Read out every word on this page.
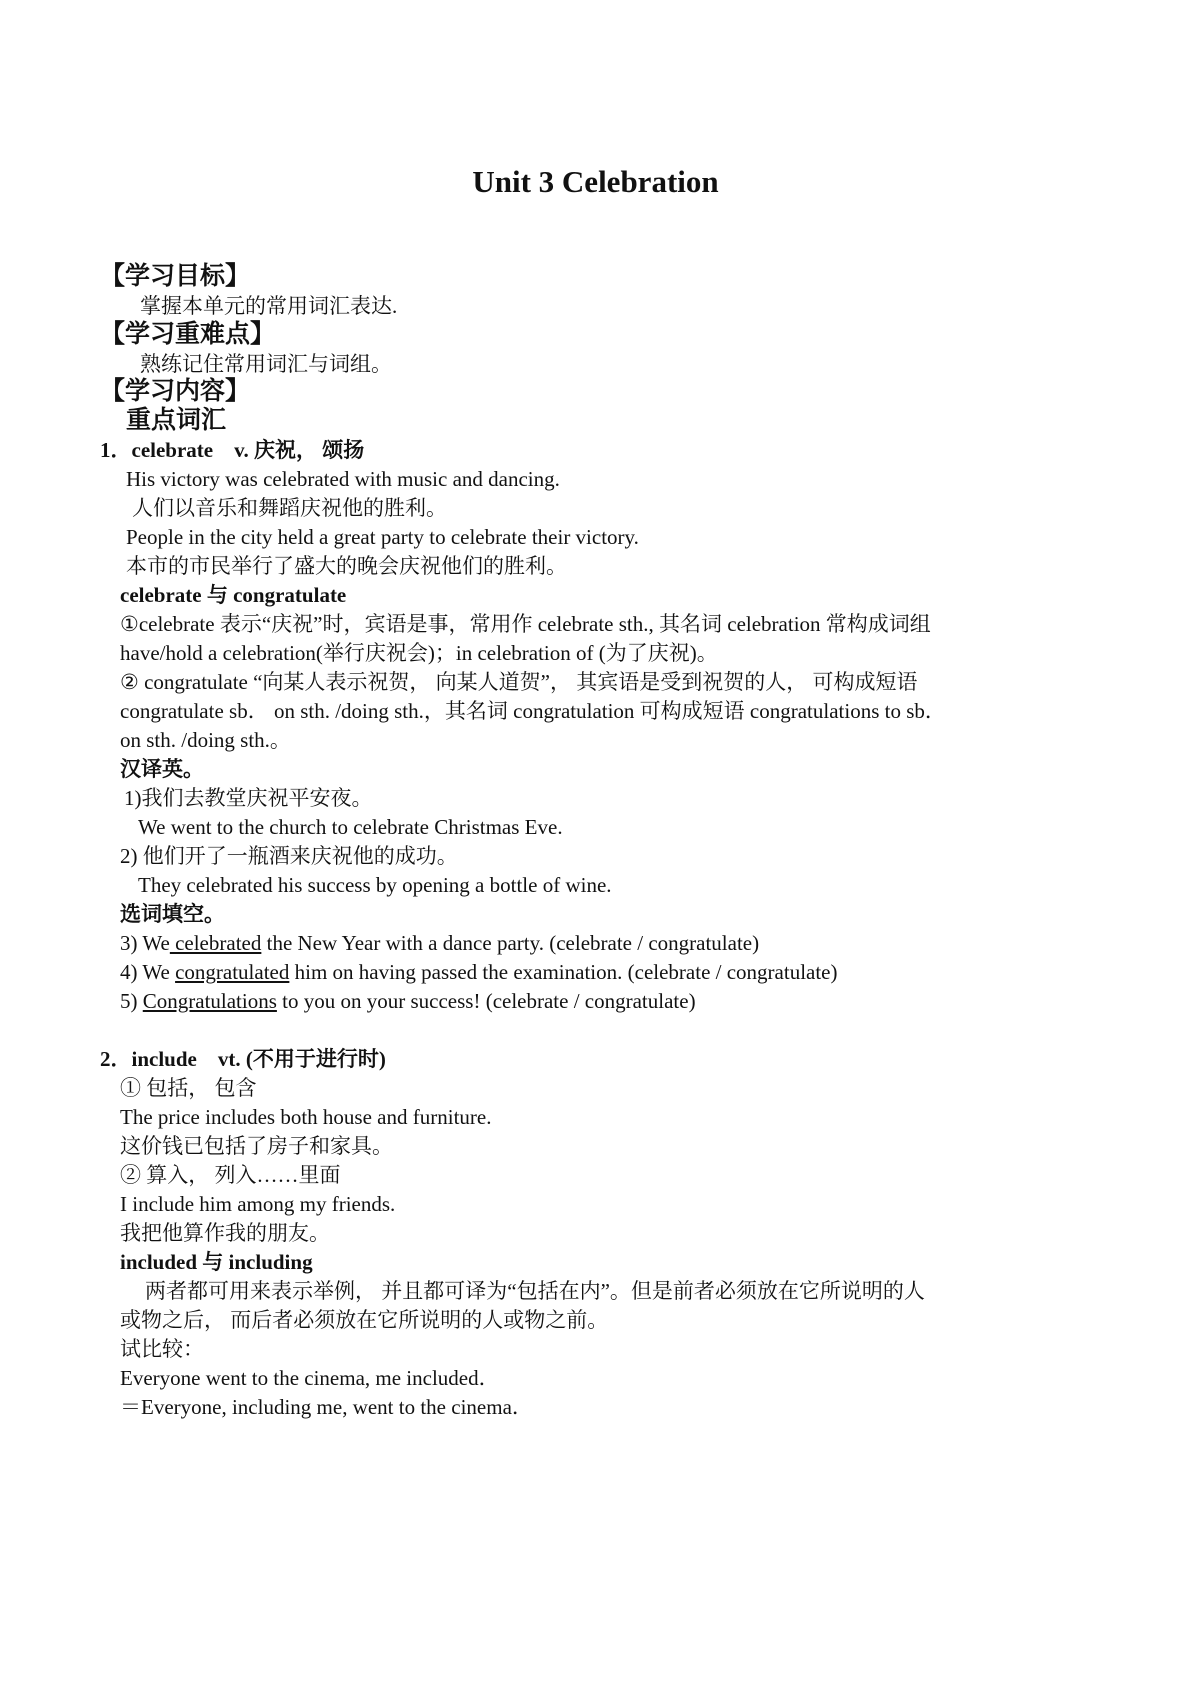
Unit 3 Celebration
【学习目标】
掌握本单元的常用词汇表达.
【学习重难点】
熟练记住常用词汇与词组。
【学习内容】
重点词汇
1．celebrate　v. 庆祝， 颂扬
His victory was celebrated with music and dancing.
人们以音乐和舞蹈庆祝他的胜利。
People in the city held a great party to celebrate their victory.
本市的市民举行了盛大的晚会庆祝他们的胜利。
celebrate 与 congratulate
①celebrate 表示“庆祝”时，宾语是事，常用作 celebrate sth., 其名词 celebration 常构成词组
have/hold a celebration(举行庆祝会)；in celebration of (为了庆祝)。
② congratulate “向某人表示祝贺， 向某人道贺”， 其宾语是受到祝贺的人， 可构成短语
congratulate sb． on sth. /doing sth.，其名词 congratulation 可构成短语 congratulations to sb．
on sth. /doing sth.。
汉译英。
1)我们去教堂庆祝平安夜。
We went to the church to celebrate Christmas Eve.
2) 他们开了一瓶酒来庆祝他的成功。
They celebrated his success by opening a bottle of wine.
选词填空。
3) We celebrated the New Year with a dance party. (celebrate / congratulate)
4) We congratulated him on having passed the examination. (celebrate / congratulate)
5) Congratulations to you on your success! (celebrate / congratulate)
2．include　vt. (不用于进行时)
① 包括， 包含
The price includes both house and furniture.
这价钱已包括了房子和家具。
② 算入， 列入……里面
I include him among my friends.
我把他算作我的朋友。
included 与 including
两者都可用来表示举例， 并且都可译为“包括在内”。但是前者必须放在它所说明的人
或物之后， 而后者必须放在它所说明的人或物之前。
试比较：
Everyone went to the cinema, me included．
＝Everyone, including me, went to the cinema．
